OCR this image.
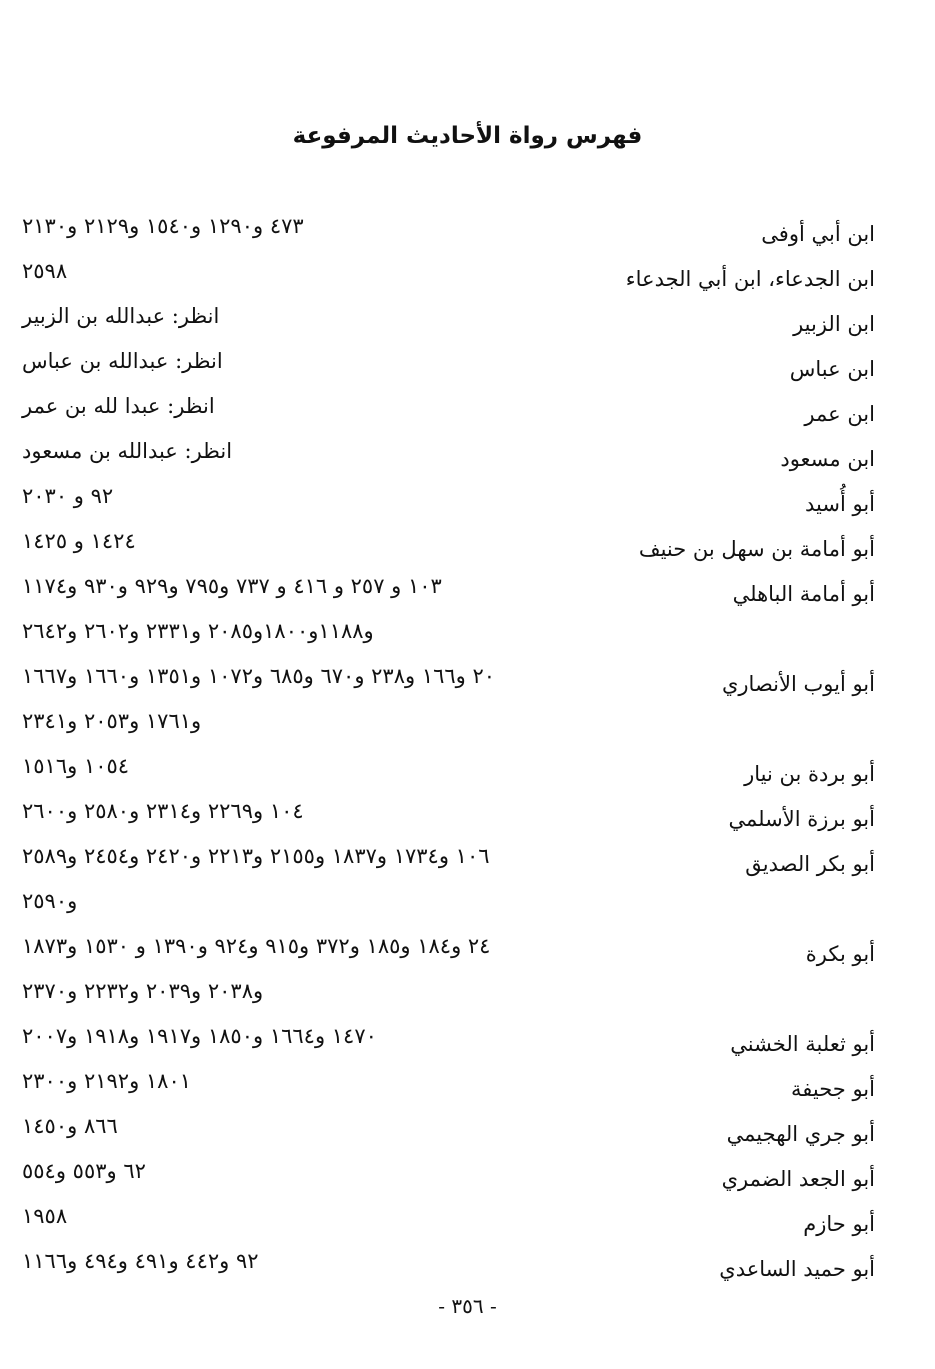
فهرس رواة الأحاديث المرفوعة
ابن أبي أوفى
٤٧٣ و١٢٩٠ و١٥٤٠ و٢١٢٩ و٢١٣٠
ابن الجدعاء، ابن أبي الجدعاء
٢٥٩٨
ابن الزبير
انظر: عبدالله بن الزبير
ابن عباس
انظر: عبدالله بن عباس
ابن عمر
انظر: عبدا لله بن عمر
ابن مسعود
انظر: عبدالله بن مسعود
أبو أُسيد
٩٢ و ٢٠٣٠
أبو أمامة بن سهل بن حنيف
١٤٢٤ و ١٤٢٥
أبو أمامة الباهلي
١٠٣ و ٢٥٧ و ٤١٦ و ٧٣٧ و٧٩٥ و٩٢٩ و٩٣٠ و١١٧٤
و١١٨٨و١٨٠٠و٢٠٨٥ و٢٣٣١ و٢٦٠٢ و٢٦٤٢
أبو أيوب الأنصاري
٢٠ و١٦٦ و٢٣٨ و٦٧٠ و٦٨٥ و١٠٧٢ و١٣٥١ و١٦٦٠ و١٦٦٧
و١٧٦١ و٢٠٥٣ و٢٣٤١
أبو بردة بن نيار
١٠٥٤ و١٥١٦
أبو برزة الأسلمي
١٠٤ و٢٢٦٩ و٢٣١٤ و٢٥٨٠ و٢٦٠٠
أبو بكر الصديق
١٠٦ و١٧٣٤ و١٨٣٧ و٢١٥٥ و٢٢١٣ و٢٤٢٠ و٢٤٥٤ و٢٥٨٩
و٢٥٩٠
أبو بكرة
٢٤ و١٨٤ و١٨٥ و٣٧٢ و٩١٥ و٩٢٤ و١٣٩٠ و ١٥٣٠ و١٨٧٣
و٢٠٣٨ و٢٠٣٩ و٢٢٣٢ و٢٣٧٠
أبو ثعلبة الخشني
١٤٧٠ و١٦٦٤ و١٨٥٠ و١٩١٧ و١٩١٨ و٢٠٠٧
أبو جحيفة
١٨٠١ و٢١٩٢ و٢٣٠٠
أبو جري الهجيمي
٨٦٦ و١٤٥٠
أبو الجعد الضمري
٦٢ و٥٥٣ و٥٥٤
أبو حازم
١٩٥٨
أبو حميد الساعدي
٩٢ و٤٤٢ و٤٩١ و٤٩٤ و١١٦٦
- ٣٥٦ -
